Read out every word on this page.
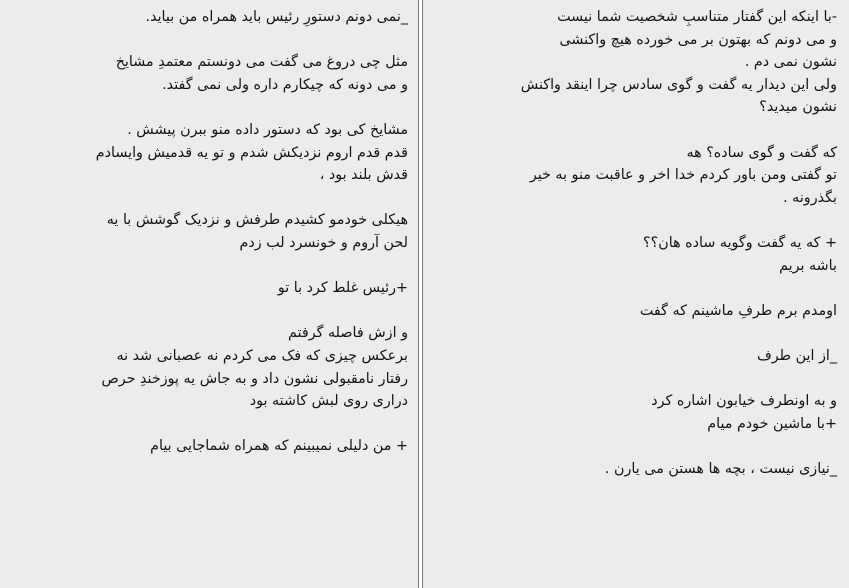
_نمی دونم دستورِ رئیس باید همراه من بیاید.

مثل چی دروغ می گفت می دونستم معتمدِ مشایخ
و می دونه که چیکارم داره ولی نمی گفتد.

مشایخ کی بود که دستور داده منو ببرن پیشش .
قدم قدم اروم نزدیکش شدم و تو یه قدمیش وایسادم
قدش بلند بود ،

هیکلی خودمو کشیدم طرفش و نزدیک گوشش با یه
لحن آروم و خونسرد لب زدم

+رئیس غلط کرد با تو

و ازش فاصله گرفتم
برعکس چیزی که فک می کردم نه عصبانی شد نه
رفتار نامقبولی نشون داد و به جاش یه پوزخندِ حرص
دراری روی لبش کاشته بود

+ من دلیلی نمیبینم که همراه شماجایی بیام

-با اینکه این گفتار متناسبِ شخصیت شما نیست
و می دونم که بهتون بر می خورده هیچ واکنشی
نشون نمی دم .
ولی این دیدار یه گفت و گوی سادس چرا اینقد واکنش
نشون میدید؟

که گفت و گوی ساده؟ هه
تو گفتی ومن باور کردم خدا اخر و عاقبت منو به خیر
بگذرونه .

+ که یه گفت وگویه ساده هان؟؟
باشه بریم

اومدم برم طرفِ ماشینم که گفت

_از این طرف

و به اونطرف خیابون اشاره کرد
+با ماشین خودم میام

_نیازی نیست ، بچه ها هستن می یارن .
